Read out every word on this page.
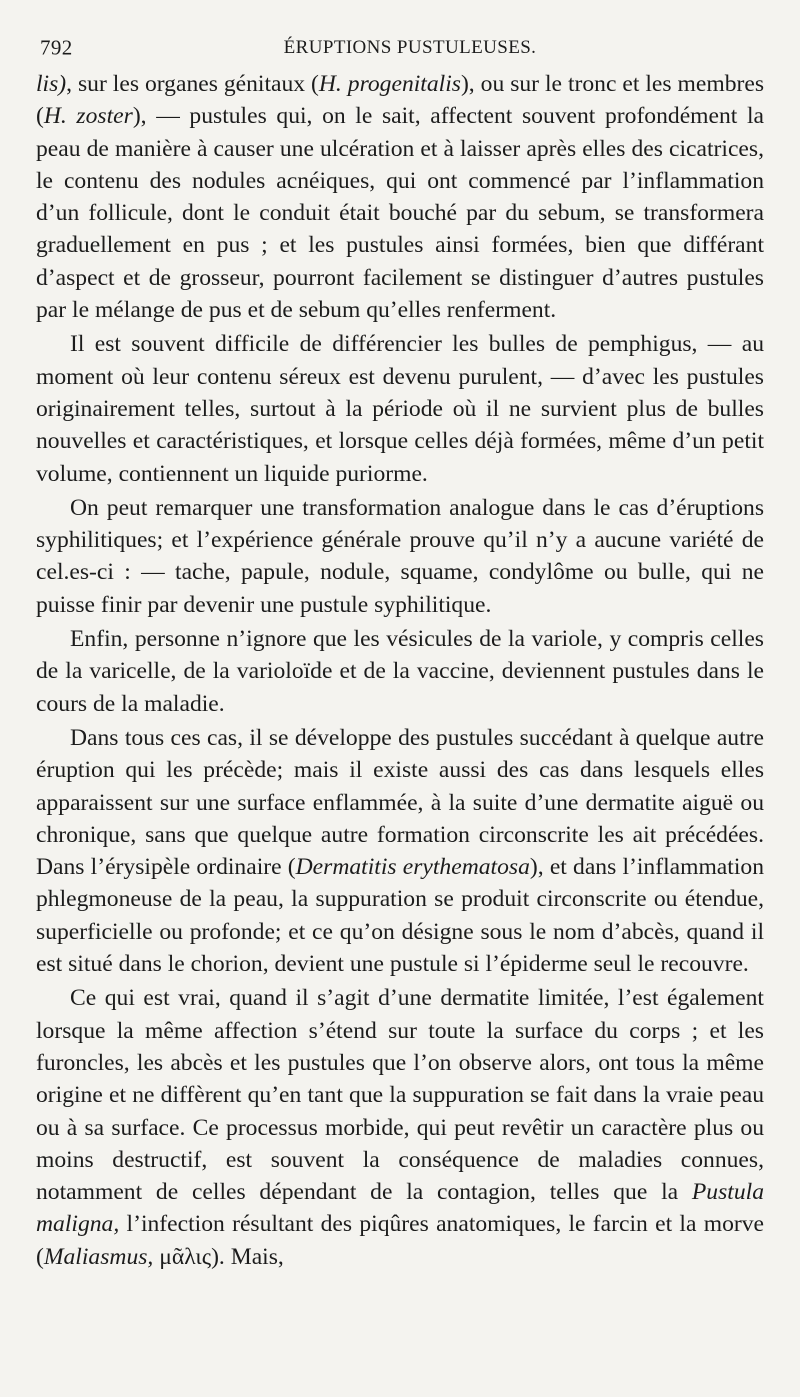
792	ÉRUPTIONS PUSTULEUSES.

lis), sur les organes génitaux (H. progenitalis), ou sur le tronc et les membres (H. zoster), — pustules qui, on le sait, affectent souvent profondément la peau de manière à causer une ulcération et à laisser après elles des cicatrices, le contenu des nodules acnéiques, qui ont commencé par l’inflammation d’un follicule, dont le conduit était bouché par du sebum, se transformera graduellement en pus ; et les pustules ainsi formées, bien que différant d’aspect et de grosseur, pourront facilement se distinguer d’autres pustules par le mélange de pus et de sebum qu’elles renferment.

Il est souvent difficile de différencier les bulles de pemphigus, — au moment où leur contenu séreux est devenu purulent, — d’avec les pustules originairement telles, surtout à la période où il ne survient plus de bulles nouvelles et caractéristiques, et lorsque celles déjà formées, même d’un petit volume, contiennent un liquide puriorme.

On peut remarquer une transformation analogue dans le cas d’éruptions syphilitiques; et l’expérience générale prouve qu’il n’y a aucune variété de cel.es-ci : — tache, papule, nodule, squame, condylôme ou bulle, qui ne puisse finir par devenir une pustule syphilitique.

Enfin, personne n’ignore que les vésicules de la variole, y compris celles de la varicelle, de la varioloïde et de la vaccine, deviennent pustules dans le cours de la maladie.

Dans tous ces cas, il se développe des pustules succédant à quelque autre éruption qui les précède; mais il existe aussi des cas dans lesquels elles apparaissent sur une surface enflammée, à la suite d’une dermatite aiguë ou chronique, sans que quelque autre formation circonscrite les ait précédées. Dans l’érysipèle ordinaire (Dermatitis erythematosa), et dans l’inflammation phlegmoneuse de la peau, la suppuration se produit circonscrite ou étendue, superficielle ou profonde; et ce qu’on désigne sous le nom d’abcès, quand il est situé dans le chorion, devient une pustule si l’épiderme seul le recouvre.

Ce qui est vrai, quand il s’agit d’une dermatite limitée, l’est également lorsque la même affection s’étend sur toute la surface du corps ; et les furoncles, les abcès et les pustules que l’on observe alors, ont tous la même origine et ne diffèrent qu’en tant que la suppuration se fait dans la vraie peau ou à sa surface. Ce processus morbide, qui peut revêtir un caractère plus ou moins destructif, est souvent la conséquence de maladies connues, notamment de celles dépendant de la contagion, telles que la Pustula maligna, l’infection résultant des piqûres anatomiques, le farcin et la morve (Maliasmus, μᾶλις). Mais,
